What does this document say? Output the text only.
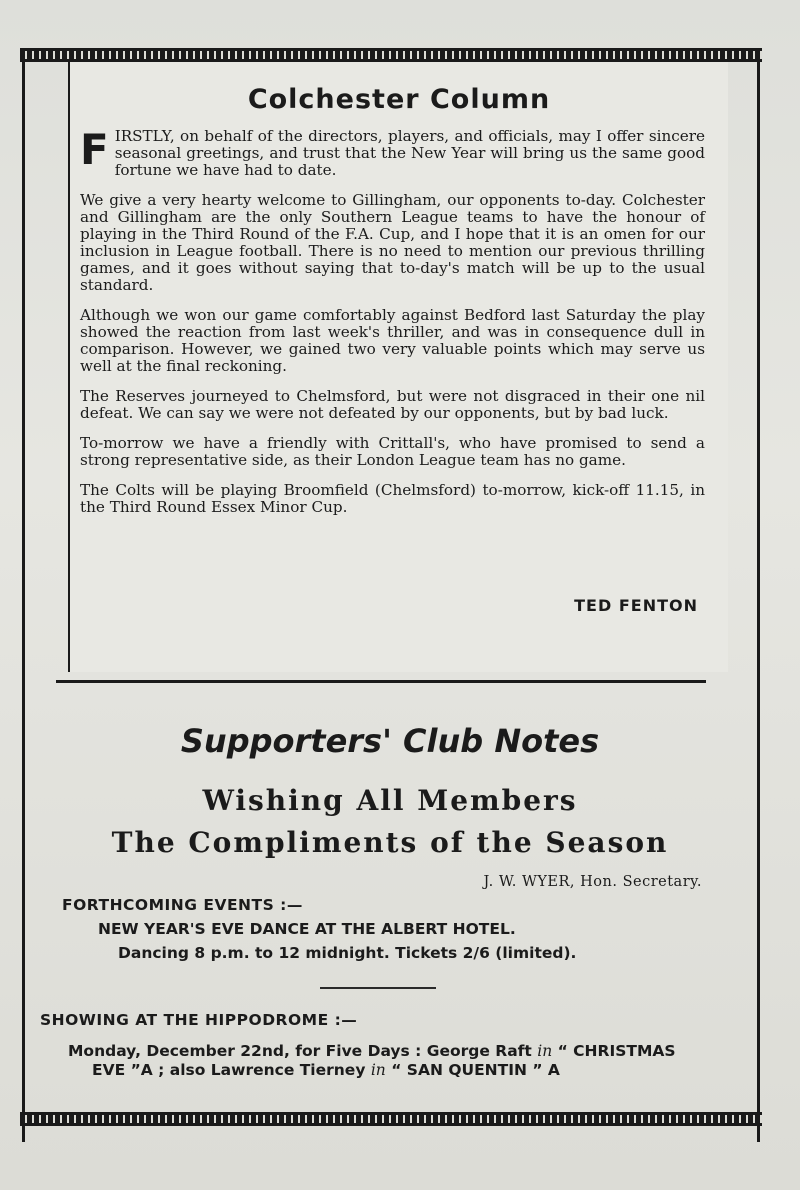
Colchester Column

FIRSTLY, on behalf of the directors, players, and officials, may I offer sincere seasonal greetings, and trust that the New Year will bring us the same good fortune we have had to date.

We give a very hearty welcome to Gillingham, our opponents to-day. Colchester and Gillingham are the only Southern League teams to have the honour of playing in the Third Round of the F.A. Cup, and I hope that it is an omen for our inclusion in League football. There is no need to mention our previous thrilling games, and it goes without saying that to-day's match will be up to the usual standard.

Although we won our game comfortably against Bedford last Saturday the play showed the reaction from last week's thriller, and was in consequence dull in comparison. However, we gained two very valuable points which may serve us well at the final reckoning.

The Reserves journeyed to Chelmsford, but were not disgraced in their one nil defeat. We can say we were not defeated by our opponents, but by bad luck.

To-morrow we have a friendly with Crittall's, who have promised to send a strong representative side, as their London League team has no game.

The Colts will be playing Broomfield (Chelmsford) to-morrow, kick-off 11.15, in the Third Round Essex Minor Cup.

TED FENTON
Supporters' Club Notes
Wishing All Members
The Compliments of the Season
J. W. WYER, Hon. Secretary.
FORTHCOMING EVENTS :—
NEW YEAR'S EVE DANCE AT THE ALBERT HOTEL.
Dancing 8 p.m. to 12 midnight. Tickets 2/6 (limited).
SHOWING AT THE HIPPODROME :—
Monday, December 22nd, for Five Days : George Raft in “ CHRISTMAS
EVE ”A ; also Lawrence Tierney in “ SAN QUENTIN ” A
